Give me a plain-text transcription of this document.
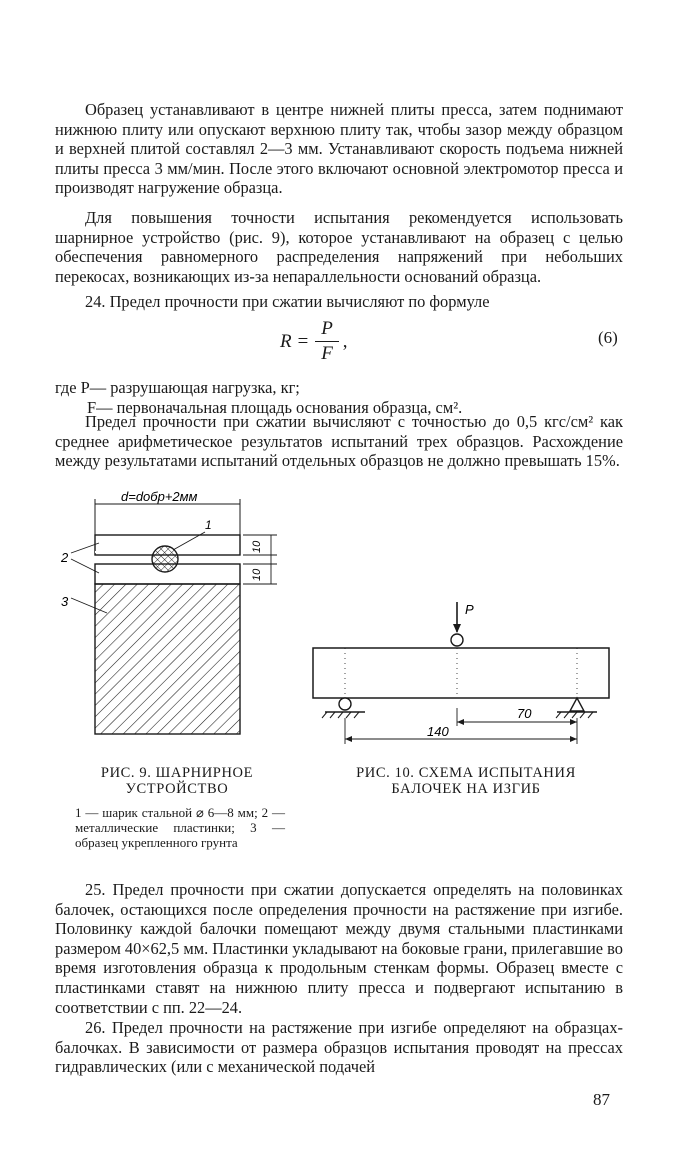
Образец устанавливают в центре нижней плиты пресса, затем поднимают нижнюю плиту или опускают верхнюю плиту так, чтобы зазор между образцом и верхней плитой составлял 2—3 мм. Устанавливают скорость подъема нижней плиты пресса 3 мм/мин. После этого включают основной электромотор пресса и производят нагружение образца.

Для повышения точности испытания рекомендуется использовать шарнирное устройство (рис. 9), которое устанавливают на образец с целью обеспечения равномерного распределения напряжений при небольших перекосах, возникающих из-за непараллельности оснований образца.

24. Предел прочности при сжатии вычисляют по формуле

$R = \frac{P}{F}$ ,	(6)

где P— разрушающая нагрузка, кг;

F— первоначальная площадь основания образца, см².

Предел прочности при сжатии вычисляют с точностью до 0,5 кгс/см² как среднее арифметическое результатов испытаний трех образцов. Расхождение между результатами испытаний отдельных образцов не должно превышать 15%.

d=dобр+2мм
1
2
3
10
10
P
70
140
РИС. 9. ШАРНИРНОЕ УСТРОЙСТВО
1 — шарик стальной ⌀ 6—8 мм; 2 — металлические пластинки; 3 — образец укрепленного грунта
РИС. 10. СХЕМА ИСПЫТАНИЯ БАЛОЧЕК НА ИЗГИБ

25. Предел прочности при сжатии допускается определять на половинках балочек, остающихся после определения прочности на растяжение при изгибе. Половинку каждой балочки помещают между двумя стальными пластинками размером 40×62,5 мм. Пластинки укладывают на боковые грани, прилегавшие во время изготовления образца к продольным стенкам формы. Образец вместе с пластинками ставят на нижнюю плиту пресса и подвергают испытанию в соответствии с пп. 22—24.

26. Предел прочности на растяжение при изгибе определяют на образцах-балочках. В зависимости от размера образцов испытания проводят на прессах гидравлических (или с механической подачей

87
